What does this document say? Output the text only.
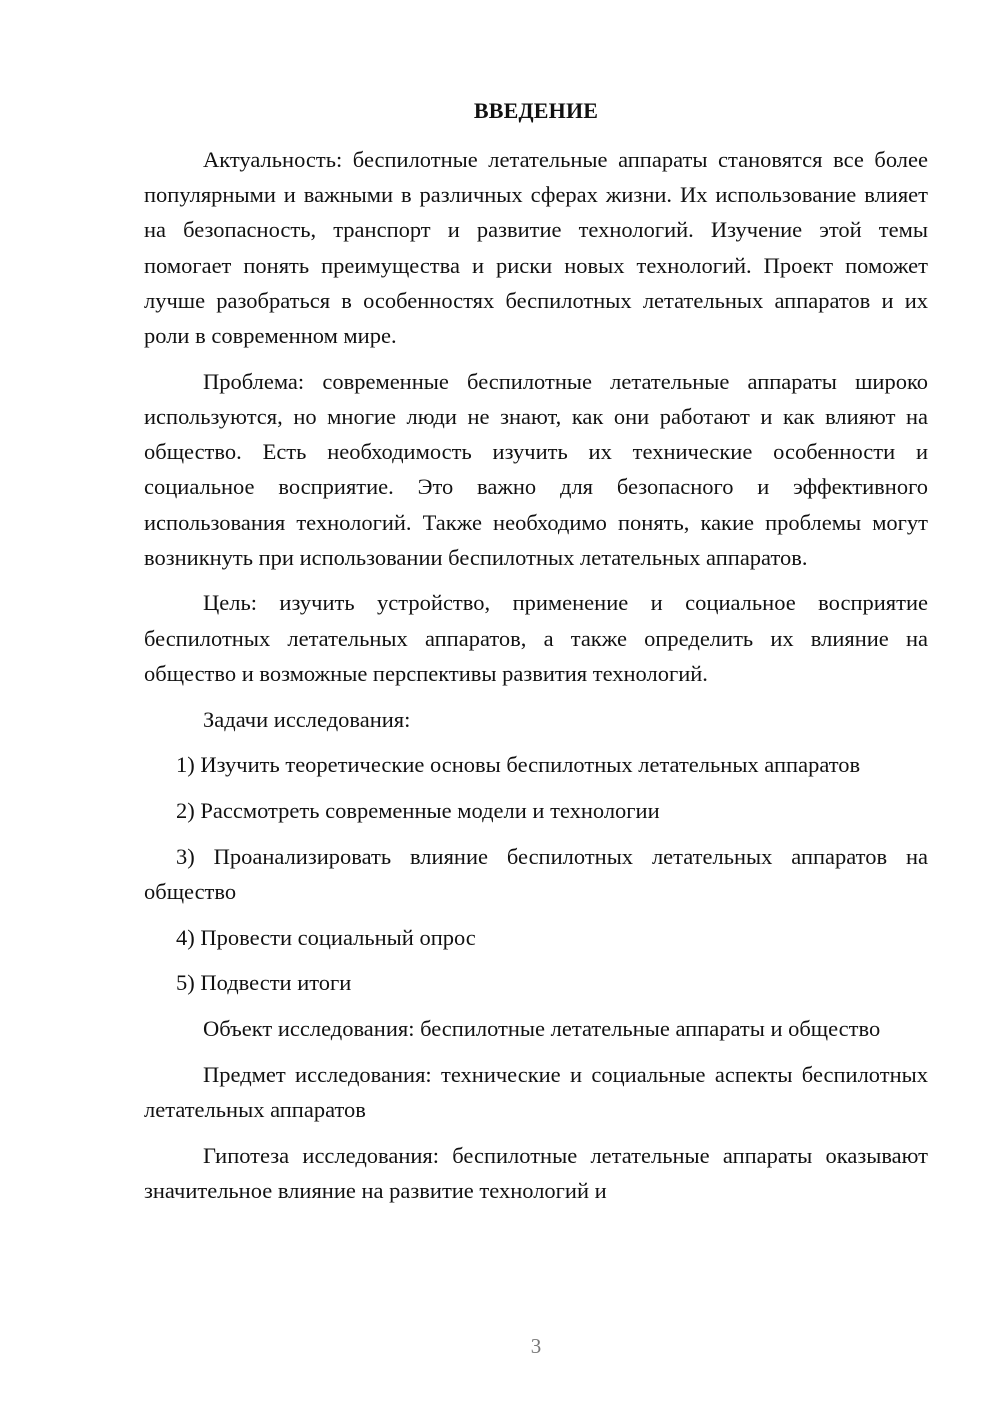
ВВЕДЕНИЕ

Актуальность: беспилотные летательные аппараты становятся все более популярными и важными в различных сферах жизни. Их использование влияет на безопасность, транспорт и развитие технологий. Изучение этой темы помогает понять преимущества и риски новых технологий. Проект поможет лучше разобраться в особенностях беспилотных летательных аппаратов и их роли в современном мире.

Проблема: современные беспилотные летательные аппараты широко используются, но многие люди не знают, как они работают и как влияют на общество. Есть необходимость изучить их технические особенности и социальное восприятие. Это важно для безопасного и эффективного использования технологий. Также необходимо понять, какие проблемы могут возникнуть при использовании беспилотных летательных аппаратов.

Цель: изучить устройство, применение и социальное восприятие беспилотных летательных аппаратов, а также определить их влияние на общество и возможные перспективы развития технологий.

Задачи исследования:

1) Изучить теоретические основы беспилотных летательных аппаратов

2) Рассмотреть современные модели и технологии

3) Проанализировать влияние беспилотных летательных аппаратов на общество

4) Провести социальный опрос

5) Подвести итоги

Объект исследования: беспилотные летательные аппараты и общество

Предмет исследования: технические и социальные аспекты беспилотных летательных аппаратов

Гипотеза исследования: беспилотные летательные аппараты оказывают значительное влияние на развитие технологий и

3
